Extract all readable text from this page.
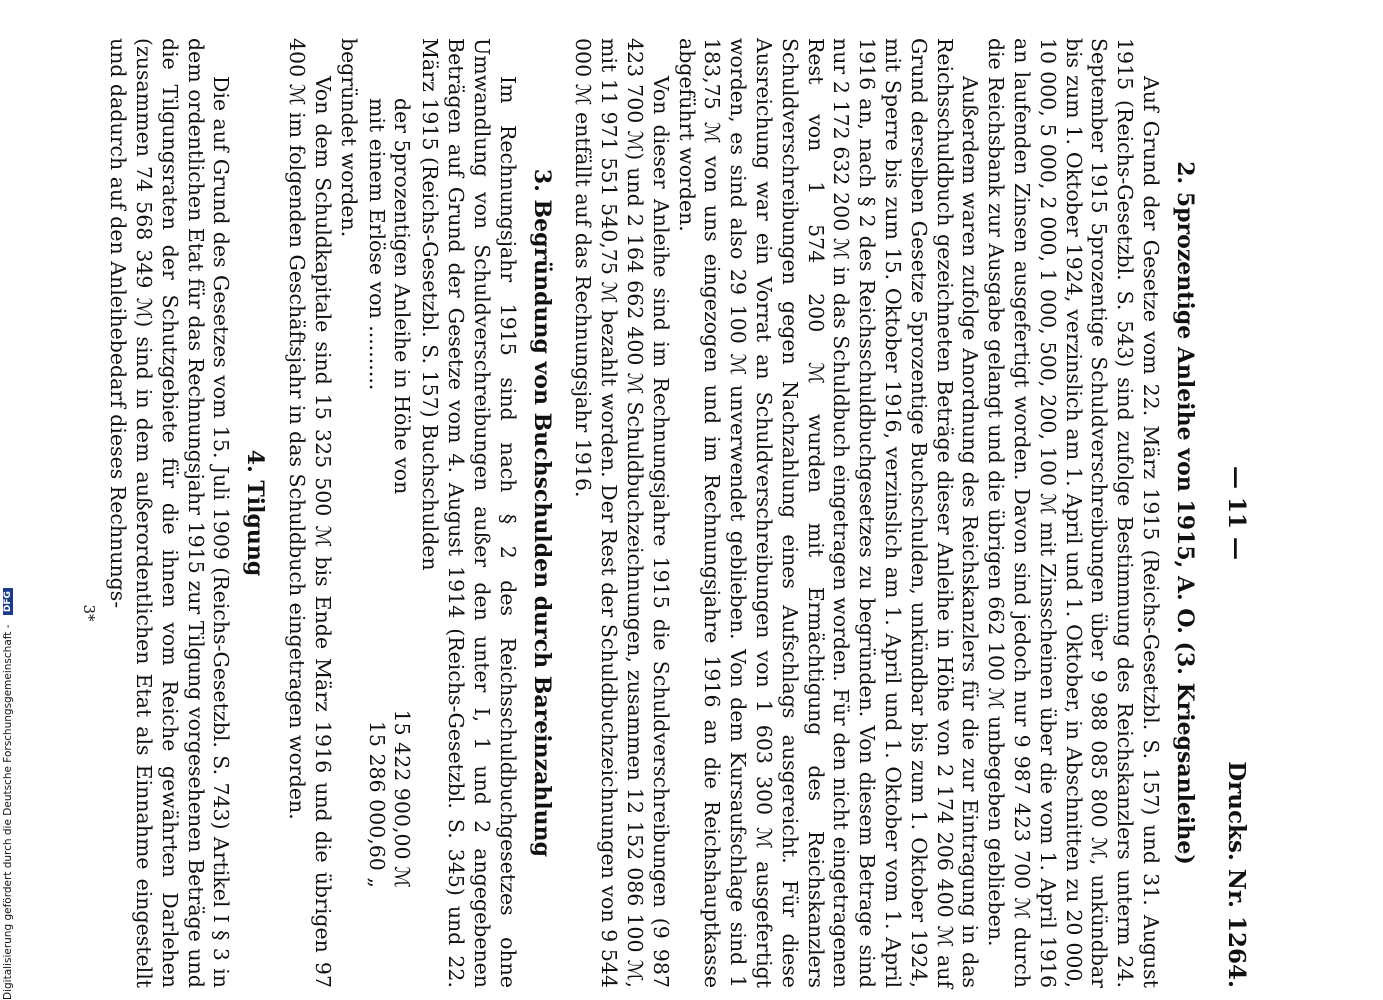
— 11 —
Drucks. Nr. 1264.
2. 5prozentige Anleihe von 1915, A. O. (3. Kriegsanleihe)

Auf Grund der Gesetze vom 22. März 1915 (Reichs-Gesetzbl. S. 157) und 31. August 1915 (Reichs-Gesetzbl. S. 543) sind zufolge Bestimmung des Reichskanzlers unterm 24. September 1915 5prozentige Schuldverschreibungen über 9 988 085 800 ℳ, unkündbar bis zum 1. Oktober 1924, verzinslich am 1. April und 1. Oktober, in Abschnitten zu 20 000, 10 000, 5 000, 2 000, 1 000, 500, 200, 100 ℳ mit Zinsscheinen über die vom 1. April 1916 an laufenden Zinsen ausgefertigt worden. Davon sind jedoch nur 9 987 423 700 ℳ durch die Reichsbank zur Ausgabe gelangt und die übrigen 662 100 ℳ unbegeben geblieben.

Außerdem waren zufolge Anordnung des Reichskanzlers für die zur Eintragung in das Reichsschuldbuch gezeichneten Beträge dieser Anleihe in Höhe von 2 174 206 400 ℳ auf Grund derselben Gesetze 5prozentige Buchschulden, unkündbar bis zum 1. Oktober 1924, mit Sperre bis zum 15. Oktober 1916, verzinslich am 1. April und 1. Oktober vom 1. April 1916 an, nach § 2 des Reichsschuldbuchgesetzes zu begründen. Von diesem Betrage sind nur 2 172 632 200 ℳ in das Schuldbuch eingetragen worden. Für den nicht eingetragenen Rest von 1 574 200 ℳ wurden mit Ermächtigung des Reichskanzlers Schuldverschreibungen gegen Nachzahlung eines Aufschlags ausgereicht. Für diese Ausreichung war ein Vorrat an Schuldverschreibungen von 1 603 300 ℳ ausgefertigt worden, es sind also 29 100 ℳ unverwendet geblieben. Von dem Kursaufschlage sind 1 183,75 ℳ von uns eingezogen und im Rechnungsjahre 1916 an die Reichshauptkasse abgeführt worden.

Von dieser Anleihe sind im Rechnungsjahre 1915 die Schuldverschreibungen (9 987 423 700 ℳ) und 2 164 662 400 ℳ Schuldbuchzeichnungen, zusammen 12 152 086 100 ℳ, mit 11 971 551 540,75 ℳ bezahlt worden. Der Rest der Schuldbuchzeichnungen von 9 544 000 ℳ entfällt auf das Rechnungsjahr 1916.

3. Begründung von Buchschulden durch Bareinzahlung

Im Rechnungsjahr 1915 sind nach § 2 des Reichsschuldbuchgesetzes ohne Umwandlung von Schuldverschreibungen außer den unter I, 1 und 2 angegebenen Beträgen auf Grund der Gesetze vom 4. August 1914 (Reichs-Gesetzbl. S. 345) und 22. März 1915 (Reichs-Gesetzbl. S. 157) Buchschulden

der 5prozentigen Anleihe in Höhe von
15 422 900,00 ℳ
mit einem Erlöse von ..........
15 286 000,60 „

begründet worden.

Von dem Schuldkapitale sind 15 325 500 ℳ bis Ende März 1916 und die übrigen 97 400 ℳ im folgenden Geschäftsjahr in das Schuldbuch eingetragen worden.

4. Tilgung

Die auf Grund des Gesetzes vom 15. Juli 1909 (Reichs-Gesetzbl. S. 743) Artikel I § 3 in dem ordentlichen Etat für das Rechnungsjahr 1915 zur Tilgung vorgesehenen Beträge und die Tilgungsraten der Schutzgebiete für die ihnen vom Reiche gewährten Darlehen (zusammen 74 568 349 ℳ) sind in dem außerordentlichen Etat als Einnahme eingestellt und dadurch auf den Anleihebedarf dieses Rechnungs-

3*
Digitalisierung gefördert durch die Deutsche Forschungsgemeinschaft - DFG
